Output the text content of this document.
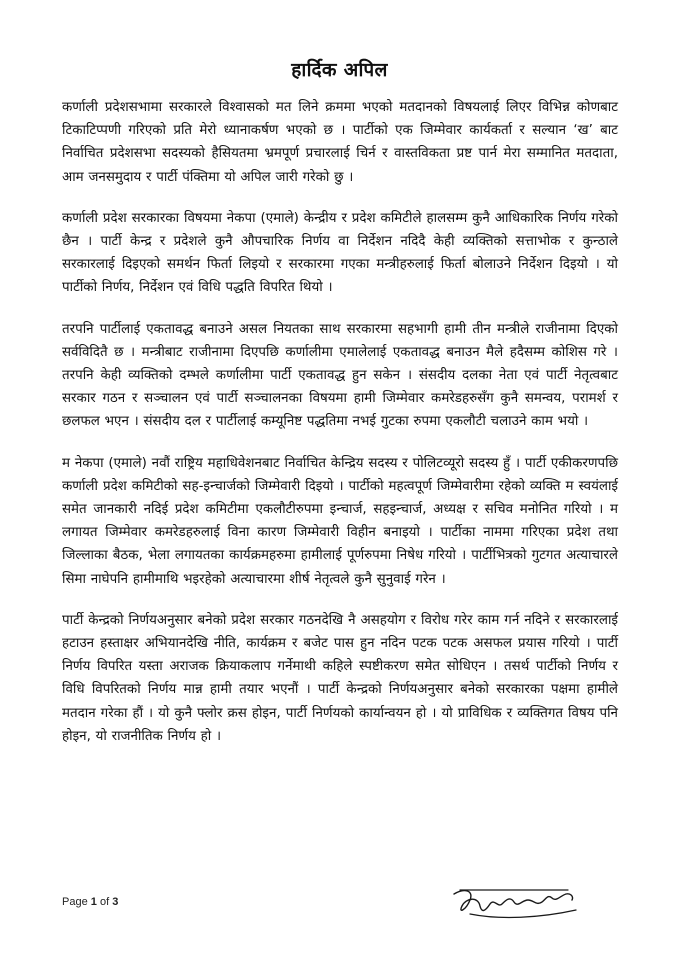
हार्दिक अपिल

कर्णाली प्रदेशसभामा सरकारले विश्वासको मत लिने क्रममा भएको मतदानको विषयलाई लिएर विभिन्न कोणबाट टिकाटिप्पणी गरिएको प्रति मेरो ध्यानाकर्षण भएको छ । पार्टीको एक जिम्मेवार कार्यकर्ता र सल्यान ‘ख’ बाट निर्वाचित प्रदेशसभा सदस्यको हैसियतमा भ्रमपूर्ण प्रचारलाई चिर्न र वास्तविकता प्रष्ट पार्न मेरा सम्मानित मतदाता, आम जनसमुदाय र पार्टी पंक्तिमा यो अपिल जारी गरेको छु ।

कर्णाली प्रदेश सरकारका विषयमा नेकपा (एमाले) केन्द्रीय र प्रदेश कमिटीले हालसम्म कुनै आधिकारिक निर्णय गरेको छैन । पार्टी केन्द्र र प्रदेशले कुनै औपचारिक निर्णय वा निर्देशन नदिदै केही व्यक्तिको सत्ताभोक र कुन्ठाले सरकारलाई दिइएको समर्थन फिर्ता लिइयो र सरकारमा गएका मन्त्रीहरुलाई फिर्ता बोलाउने निर्देशन दिइयो । यो पार्टीको निर्णय, निर्देशन एवं विधि पद्धति विपरित थियो ।

तरपनि पार्टीलाई एकतावद्ध बनाउने असल नियतका साथ सरकारमा सहभागी हामी तीन मन्त्रीले राजीनामा दिएको सर्वविदितै छ । मन्त्रीबाट राजीनामा दिएपछि कर्णालीमा एमालेलाई एकतावद्ध बनाउन मैले हदैसम्म कोशिस गरे । तरपनि केही व्यक्तिको दम्भले कर्णालीमा पार्टी एकतावद्ध हुन सकेन । संसदीय दलका नेता एवं पार्टी नेतृत्वबाट सरकार गठन र सञ्चालन एवं पार्टी सञ्चालनका विषयमा हामी जिम्मेवार कमरेडहरुसँग कुनै समन्वय, परामर्श र छलफल भएन । संसदीय दल र पार्टीलाई कम्यूनिष्ट पद्धतिमा नभई गुटका रुपमा एकलौटी चलाउने काम भयो ।

म नेकपा (एमाले) नवौं राष्ट्रिय महाधिवेशनबाट निर्वाचित केन्द्रिय सदस्य र पोलिटव्यूरो सदस्य हुँ । पार्टी एकीकरणपछि कर्णाली प्रदेश कमिटीको सह-इन्चार्जको जिम्मेवारी दिइयो । पार्टीको महत्वपूर्ण जिम्मेवारीमा रहेको व्यक्ति म स्वयंलाई समेत जानकारी नदिई प्रदेश कमिटीमा एकलौटीरुपमा इन्चार्ज, सहइन्चार्ज, अध्यक्ष र सचिव मनोनित गरियो । म लगायत जिम्मेवार कमरेडहरुलाई विना कारण जिम्मेवारी विहीन बनाइयो । पार्टीका नाममा गरिएका प्रदेश तथा जिल्लाका बैठक, भेला लगायतका कार्यक्रमहरुमा हामीलाई पूर्णरुपमा निषेध गरियो । पार्टीभित्रको गुटगत अत्याचारले सिमा नाघेपनि हामीमाथि भइरहेको अत्याचारमा शीर्ष नेतृत्वले कुनै सुनुवाई गरेन ।

पार्टी केन्द्रको निर्णयअनुसार बनेको प्रदेश सरकार गठनदेखि नै असहयोग र विरोध गरेर काम गर्न नदिने र सरकारलाई हटाउन हस्ताक्षर अभियानदेखि नीति, कार्यक्रम र बजेट पास हुन नदिन पटक पटक असफल प्रयास गरियो । पार्टी निर्णय विपरित यस्ता अराजक क्रियाकलाप गर्नेमाथी कहिले स्पष्टीकरण समेत सोधिएन । तसर्थ पार्टीको निर्णय र विधि विपरितको निर्णय मान्न हामी तयार भएनौं । पार्टी केन्द्रको निर्णयअनुसार बनेको सरकारका पक्षमा हामीले मतदान गरेका हौं । यो कुनै फ्लोर क्रस होइन, पार्टी निर्णयको कार्यान्वयन हो । यो प्राविधिक र व्यक्तिगत विषय पनि होइन, यो राजनीतिक निर्णय हो ।

Page 1 of 3
